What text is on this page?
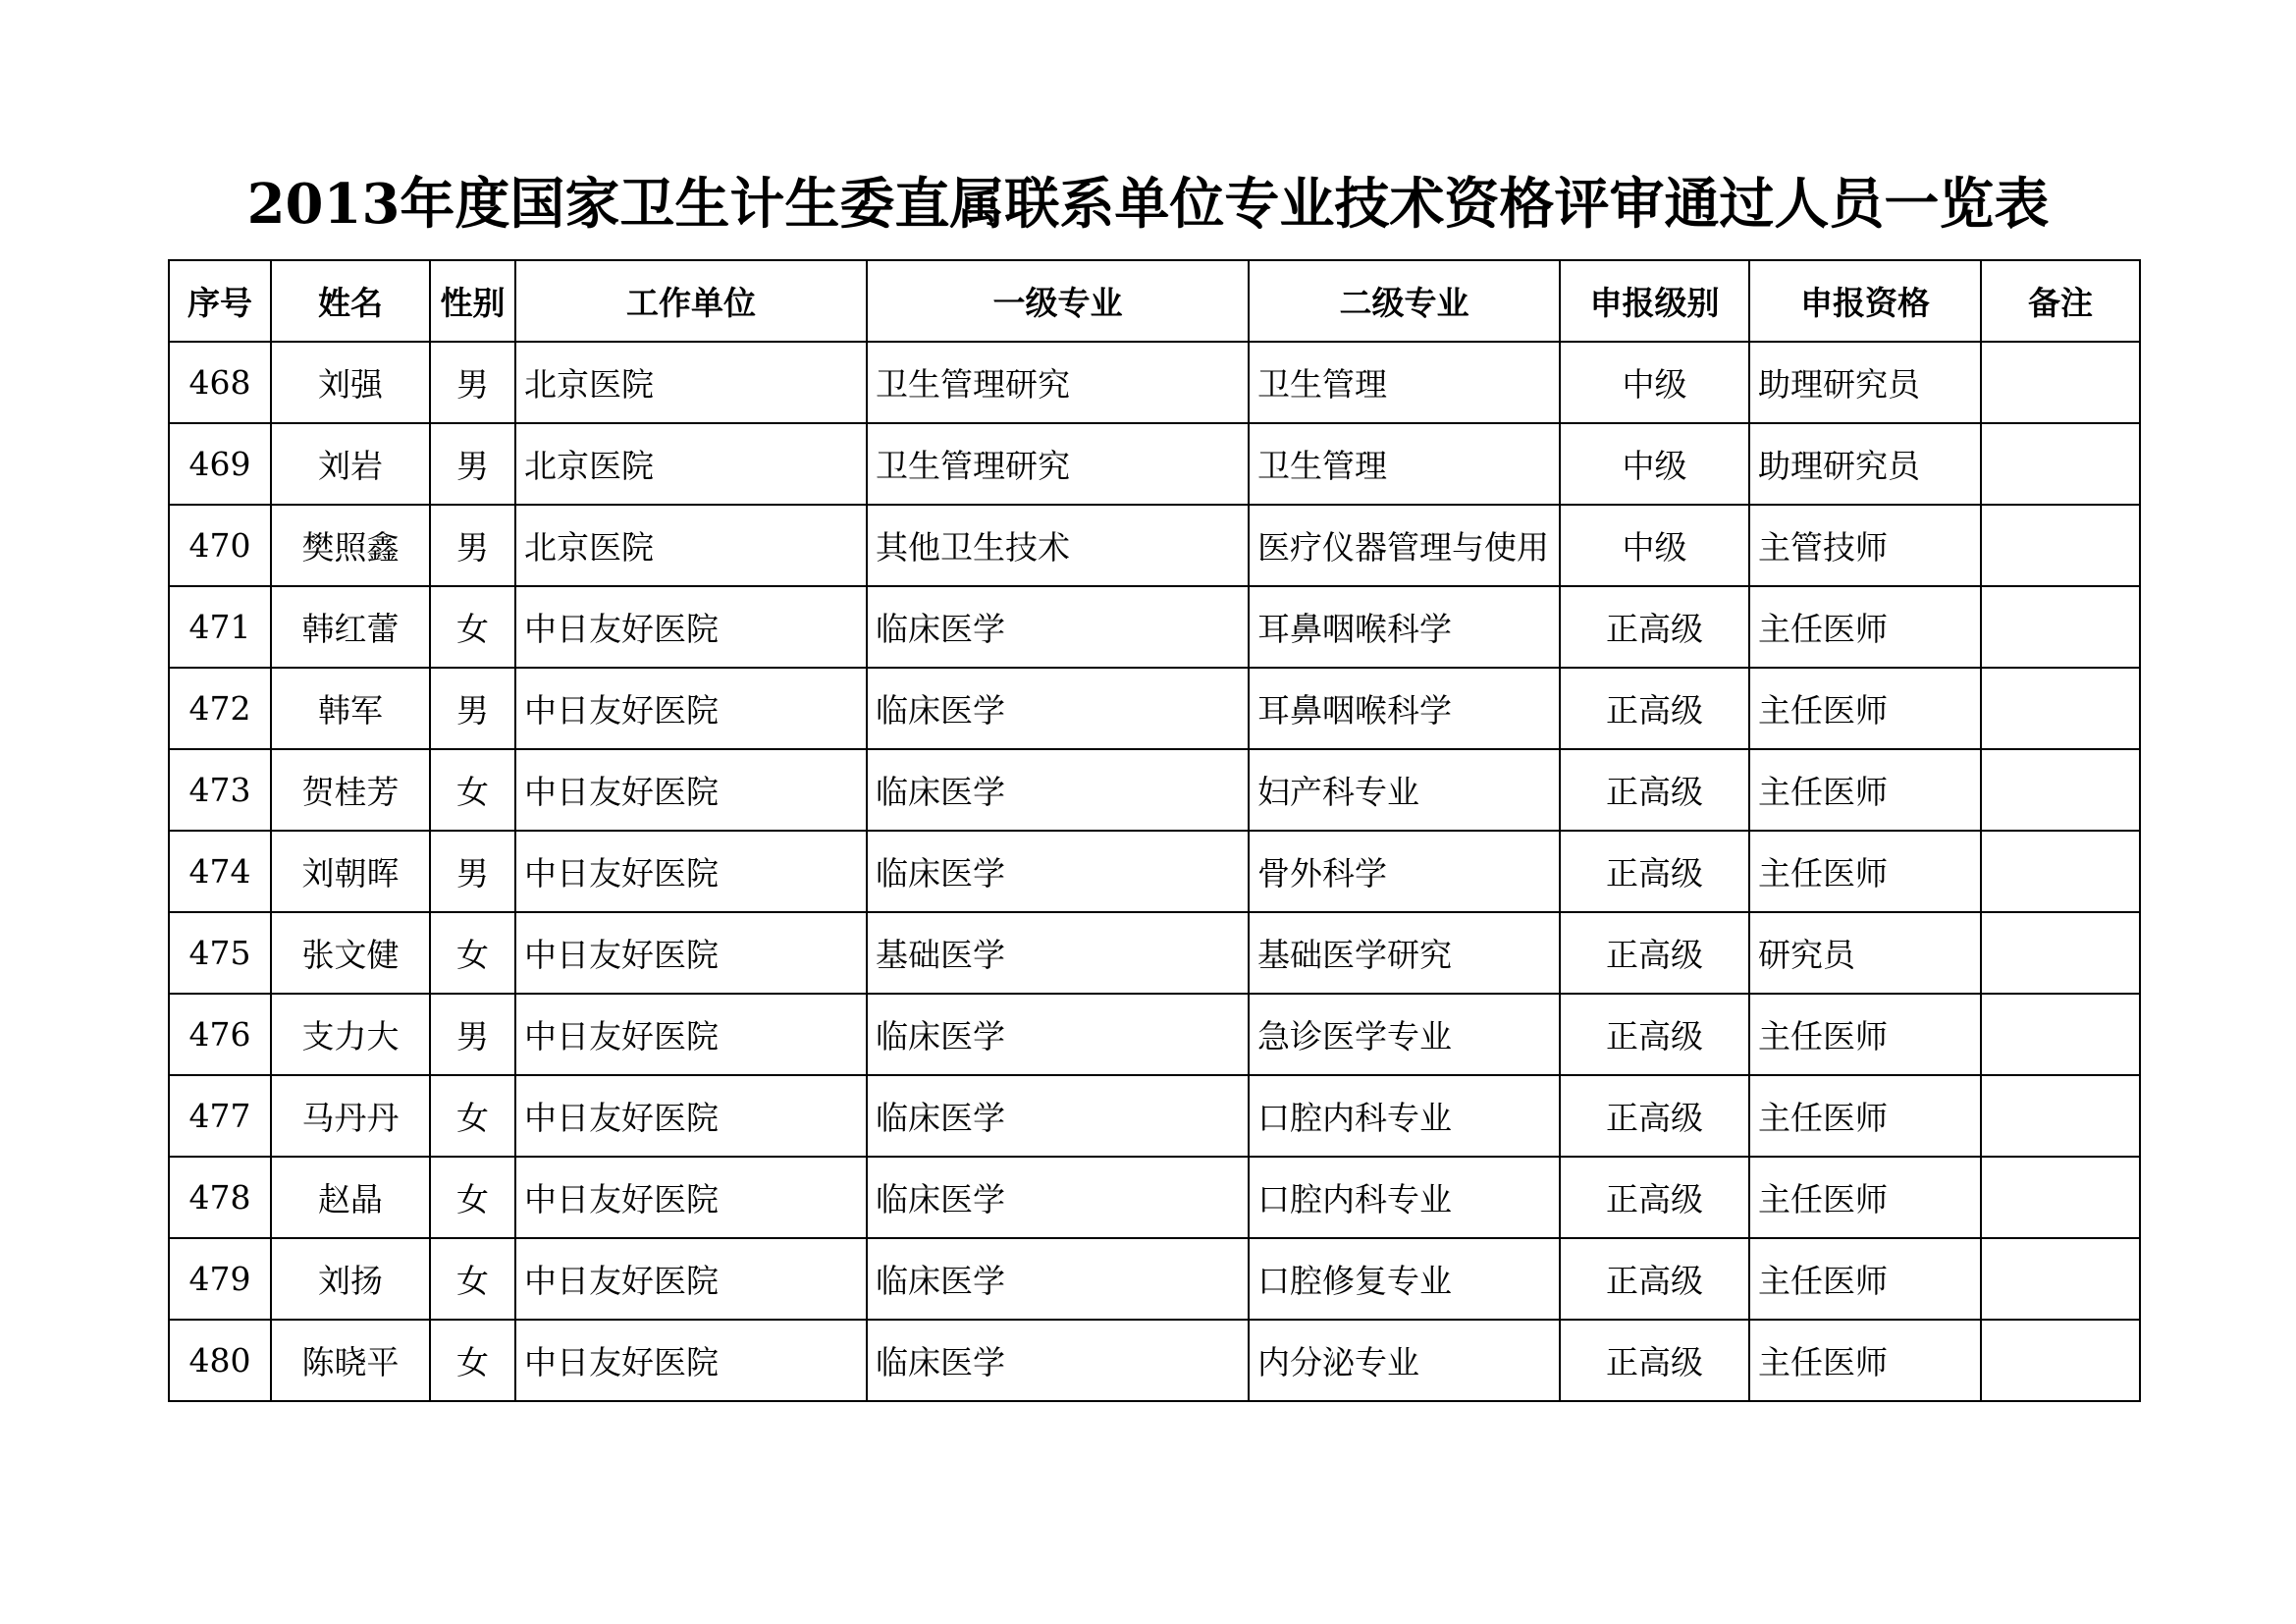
2013年度国家卫生计生委直属联系单位专业技术资格评审通过人员一览表
序号	姓名	性别	工作单位	一级专业	二级专业	申报级别	申报资格	备注
468	刘强	男	北京医院	卫生管理研究	卫生管理	中级	助理研究员	
469	刘岩	男	北京医院	卫生管理研究	卫生管理	中级	助理研究员	
470	樊照鑫	男	北京医院	其他卫生技术	医疗仪器管理与使用	中级	主管技师	
471	韩红蕾	女	中日友好医院	临床医学	耳鼻咽喉科学	正高级	主任医师	
472	韩军	男	中日友好医院	临床医学	耳鼻咽喉科学	正高级	主任医师	
473	贺桂芳	女	中日友好医院	临床医学	妇产科专业	正高级	主任医师	
474	刘朝晖	男	中日友好医院	临床医学	骨外科学	正高级	主任医师	
475	张文健	女	中日友好医院	基础医学	基础医学研究	正高级	研究员	
476	支力大	男	中日友好医院	临床医学	急诊医学专业	正高级	主任医师	
477	马丹丹	女	中日友好医院	临床医学	口腔内科专业	正高级	主任医师	
478	赵晶	女	中日友好医院	临床医学	口腔内科专业	正高级	主任医师	
479	刘扬	女	中日友好医院	临床医学	口腔修复专业	正高级	主任医师	
480	陈晓平	女	中日友好医院	临床医学	内分泌专业	正高级	主任医师	
